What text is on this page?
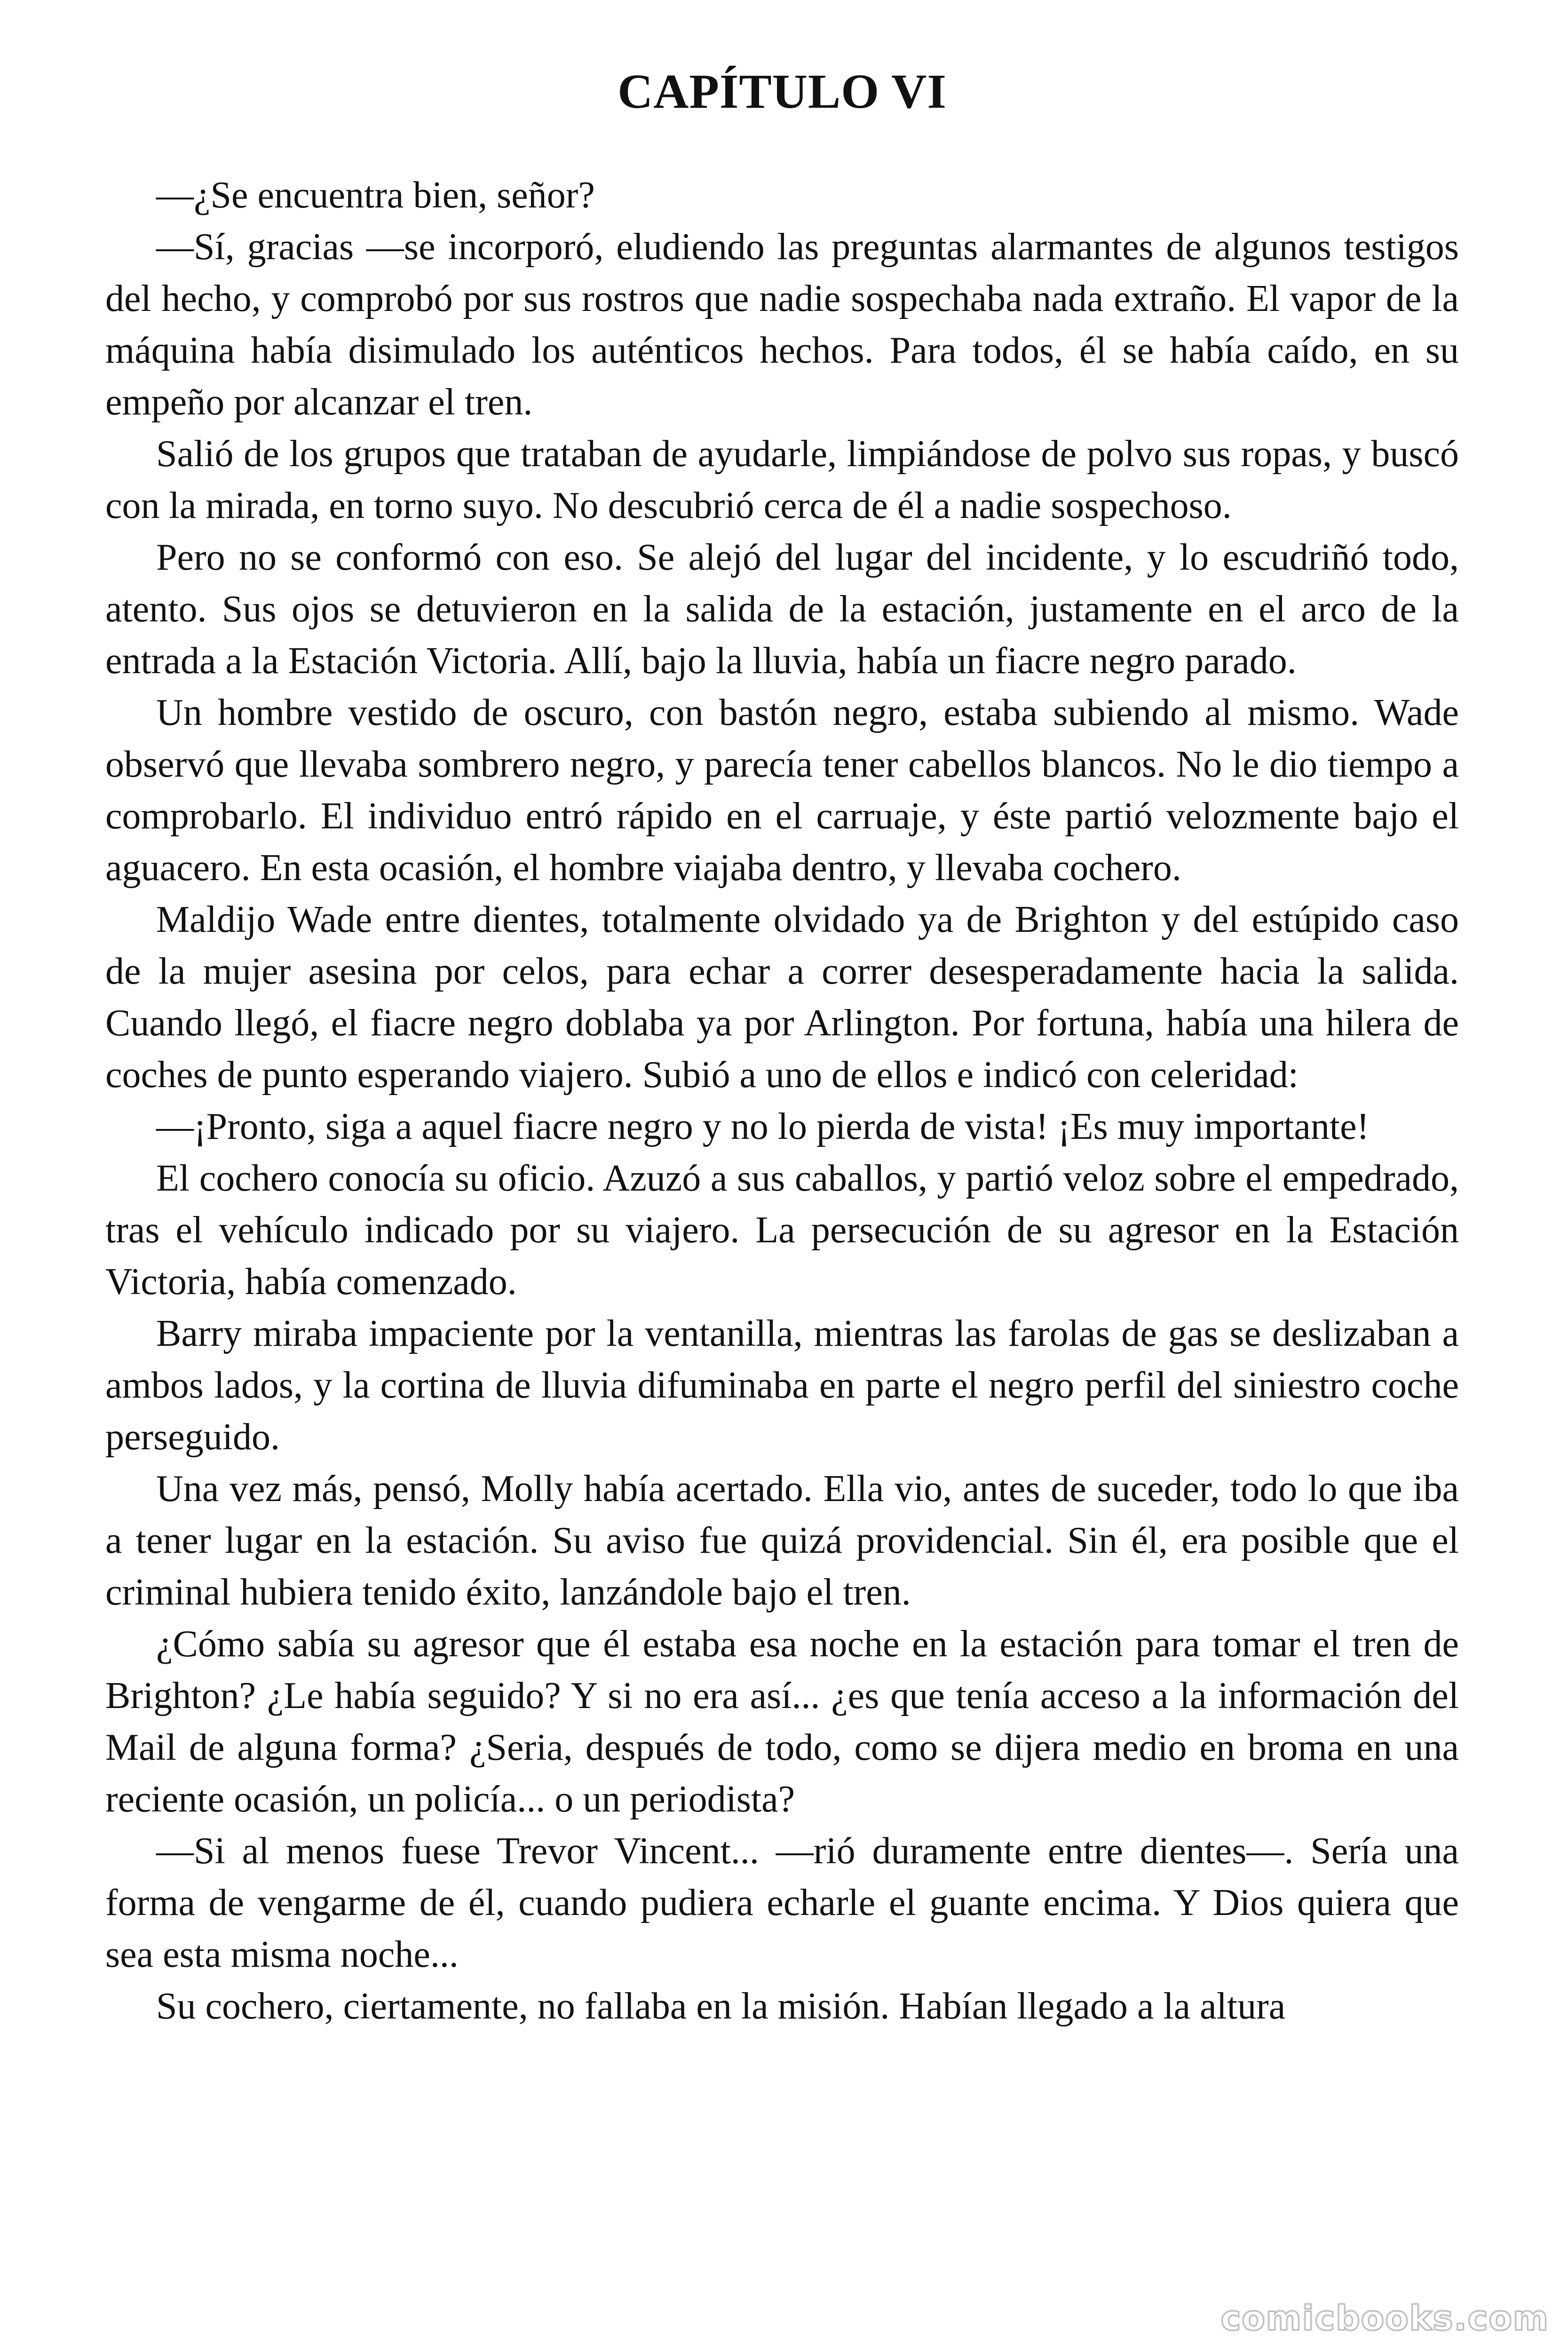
CAPÍTULO VI

—¿Se encuentra bien, señor?

—Sí, gracias —se incorporó, eludiendo las preguntas alarmantes de algunos testigos del hecho, y comprobó por sus rostros que nadie sospechaba nada extraño. El vapor de la máquina había disimulado los auténticos hechos. Para todos, él se había caído, en su empeño por alcanzar el tren.

Salió de los grupos que trataban de ayudarle, limpiándose de polvo sus ropas, y buscó con la mirada, en torno suyo. No descubrió cerca de él a nadie sospechoso.

Pero no se conformó con eso. Se alejó del lugar del incidente, y lo escudriñó todo, atento. Sus ojos se detuvieron en la salida de la estación, justamente en el arco de la entrada a la Estación Victoria. Allí, bajo la lluvia, había un fiacre negro parado.

Un hombre vestido de oscuro, con bastón negro, estaba subiendo al mismo. Wade observó que llevaba sombrero negro, y parecía tener cabellos blancos. No le dio tiempo a comprobarlo. El individuo entró rápido en el carruaje, y éste partió velozmente bajo el aguacero. En esta ocasión, el hombre viajaba dentro, y llevaba cochero.

Maldijo Wade entre dientes, totalmente olvidado ya de Brighton y del estúpido caso de la mujer asesina por celos, para echar a correr desesperadamente hacia la salida. Cuando llegó, el fiacre negro doblaba ya por Arlington. Por fortuna, había una hilera de coches de punto esperando viajero. Subió a uno de ellos e indicó con celeridad:

—¡Pronto, siga a aquel fiacre negro y no lo pierda de vista! ¡Es muy importante!

El cochero conocía su oficio. Azuzó a sus caballos, y partió veloz sobre el empedrado, tras el vehículo indicado por su viajero. La persecución de su agresor en la Estación Victoria, había comenzado.

Barry miraba impaciente por la ventanilla, mientras las farolas de gas se deslizaban a ambos lados, y la cortina de lluvia difuminaba en parte el negro perfil del siniestro coche perseguido.

Una vez más, pensó, Molly había acertado. Ella vio, antes de suceder, todo lo que iba a tener lugar en la estación. Su aviso fue quizá providencial. Sin él, era posible que el criminal hubiera tenido éxito, lanzándole bajo el tren.

¿Cómo sabía su agresor que él estaba esa noche en la estación para tomar el tren de Brighton? ¿Le había seguido? Y si no era así... ¿es que tenía acceso a la información del Mail de alguna forma? ¿Seria, después de todo, como se dijera medio en broma en una reciente ocasión, un policía... o un periodista?

—Si al menos fuese Trevor Vincent... —rió duramente entre dientes—. Sería una forma de vengarme de él, cuando pudiera echarle el guante encima. Y Dios quiera que sea esta misma noche...

Su cochero, ciertamente, no fallaba en la misión. Habían llegado a la altura

comicbooks.com
